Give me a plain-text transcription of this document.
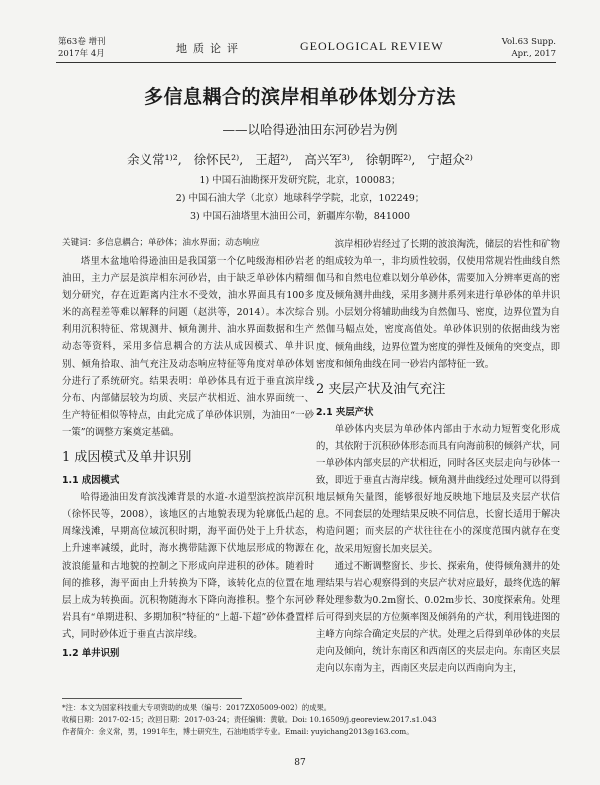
第63卷 增刊
2017年 4月	地质论评	GEOLOGICAL REVIEW	Vol.63 Supp.
Apr., 2017
多信息耦合的滨岸相单砂体划分方法
——以哈得逊油田东河砂岩为例
余义常¹⁾², 徐怀民²⁾, 王超²⁾, 高兴军³⁾, 徐朝晖²⁾, 宁超众²⁾
1) 中国石油勘探开发研究院，北京，100083；
2) 中国石油大学（北京）地球科学学院，北京，102249；
3) 中国石油塔里木油田公司，新疆库尔勒，841000
关键词：多信息耦合；单砂体；油水界面；动态响应

塔里木盆地哈得逊油田是我国第一个亿吨级海相砂岩老油田，主力产层是滨岸相东河砂岩，由于缺乏单砂体内精细划分研究，存在近距离内注水不受效，油水界面具有100多米的高程差等难以解释的问题（赵洪等，2014）。本次综合利用沉积特征、常规测井、倾角测井、油水界面数据和生产动态等资料，采用多信息耦合的方法从成因模式、单井识别、倾角拾取、油气充注及动态响应特征等角度对单砂体划分进行了系统研究。结果表明：单砂体具有近于垂直滨岸线分布、内部储层较为均质、夹层产状相近、油水界面统一、生产特征相似等特点，由此完成了单砂体识别，为油田“一砂一策”的调整方案奠定基础。

1 成因模式及单井识别
1.1 成因模式

哈得逊油田发育滨浅滩背景的水道-水道型滨控滨岸沉积（徐怀民等，2008），该地区的古地貌表现为轮廓低凸起的周缘浅滩，早期高位域沉积时期，海平面仍处于上升状态，上升速率减缓，此时，海水携带陆源下伏地层形成的物源在波浪能量和古地貌的控制之下形成向岸进积的砂体。随着时间的推移，海平面由上升转换为下降，该转化点的位置在地层上成为转换面。沉积物随海水下降向海推积。整个东河砂岩具有“单期进积、多期加积”特征的“上超-下超”砂体叠置样式，同时砂体近于垂直古滨岸线。

1.2 单井识别

滨岸相砂岩经过了长期的波浪淘洗，储层的岩性和矿物的组成较为单一，非均质性较弱，仅使用常规岩性曲线自然伽马和自然电位难以划分单砂体，需要加入分辨率更高的密度及倾角测井曲线，采用多测井系列来进行单砂体的单井识别。小层划分将辅助曲线为自然伽马、密度，边界位置为自然伽马幅点处，密度高值处。单砂体识别的依据曲线为密度、倾角曲线，边界位置为密度的弹性及倾角的突变点，即密度和倾角曲线在同一砂岩内部特征一致。

2 夹层产状及油气充注
2.1 夹层产状

单砂体内夹层为单砂体内部由于水动力短暂变化形成的，其依附于沉积砂体形态而具有向海前积的倾斜产状，同一单砂体内部夹层的产状相近，同时各区夹层走向与砂体一致，即近于垂直古海岸线。倾角测井曲线经过处理可以得到地层倾角矢量图，能够很好地反映地下地层及夹层产状信息。不同套层的处理结果反映不同信息，长窗长适用于解决构造问题；而夹层的产状往往在小的深度范围内就存在变化，故采用短窗长加夹层关。

通过不断调整窗长、步长、探索角，使得倾角测井的处理结果与岩心观察得到的夹层产状对应最好，最终优选的解释处理参数为0.2m窗长、0.02m步长、30度探索角。处理后可得到夹层的方位频率图及倾斜角的产状，利用钱进图的主峰方向综合确定夹层的产状。处理之后得到单砂体的夹层走向及倾向，统计东南区和西南区的夹层走向。东南区夹层走向以东南为主，西南区夹层走向以西南向为主，

*注：本文为国家科技重大专项资助的成果（编号：2017ZX05009-002）的成果。
收稿日期：2017-02-15；改回日期：2017-03-24；责任编辑：黄敏。Doi: 10.16509/j.georeview.2017.s1.043
作者简介：余义常，男，1991年生，博士研究生，石油地质学专业。Email: yuyichang2013@163.com。
87
